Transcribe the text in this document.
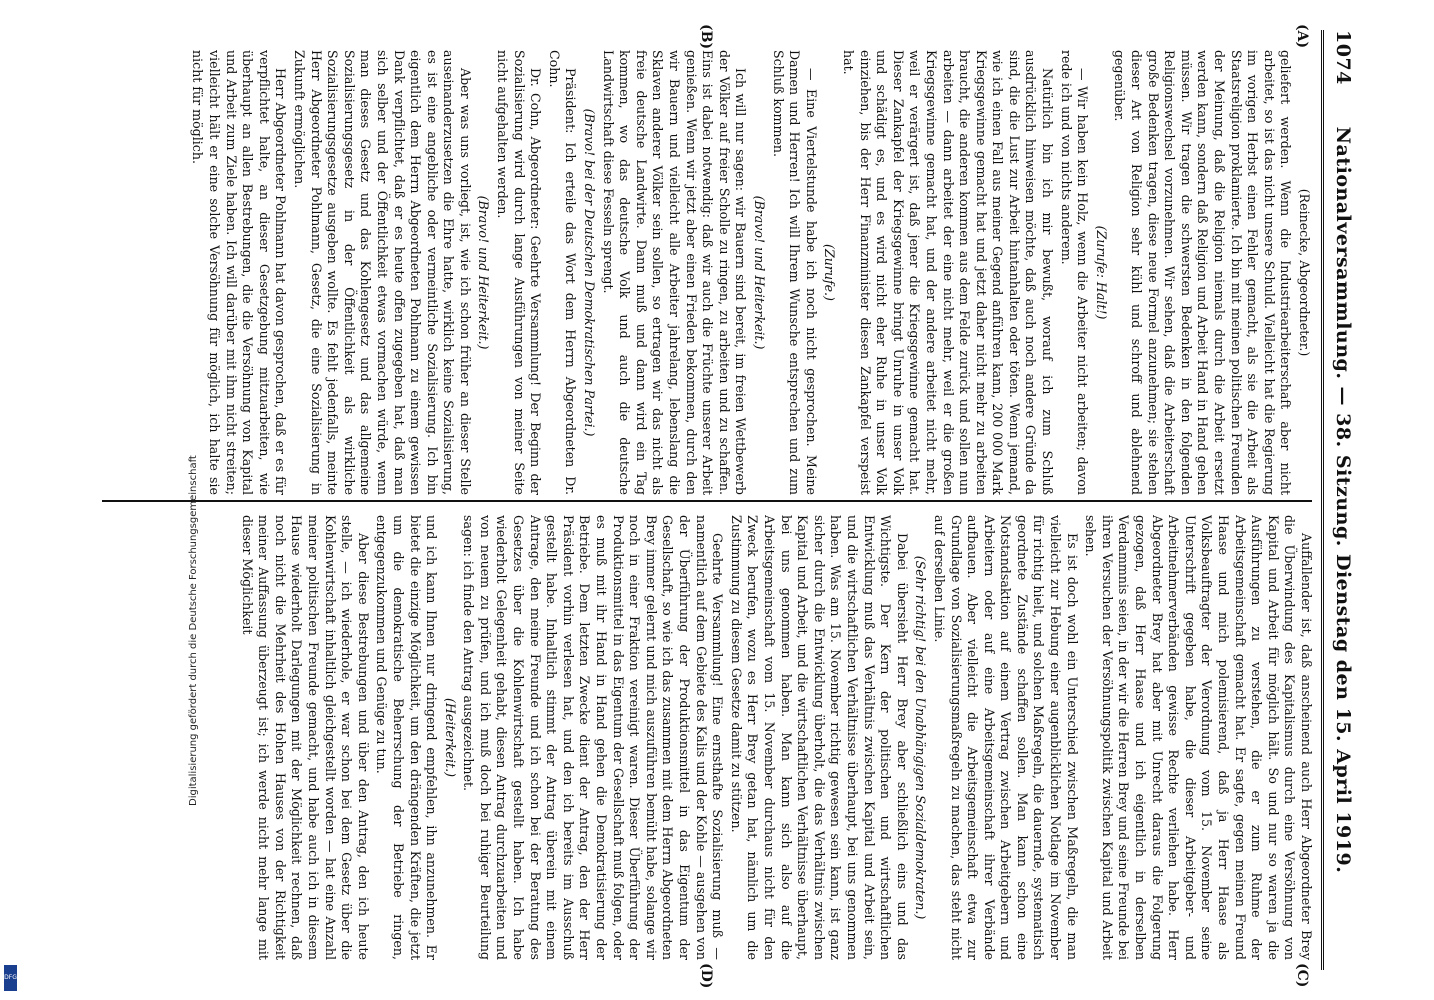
1074
Nationalversammlung. — 38. Sitzung. Dienstag den 15. April 1919.
(A)
(B)
(C)
(D)

(Reinecke, Abgeordneter.)

geliefert werden. Wenn die Industriearbeiterschaft aber nicht arbeitet, so ist das nicht unsere Schuld. Vielleicht hat die Regierung im vorigen Herbst einen Fehler gemacht, als sie die Arbeit als Staatsreligion proklamierte. Ich bin mit meinen politischen Freunden der Meinung, daß die Religion niemals durch die Arbeit ersetzt werden kann, sondern daß Religion und Arbeit Hand in Hand gehen müssen. Wir tragen die schwersten Bedenken in den folgenden Religionswechsel vorzunehmen. Wir sehen, daß die Arbeiterschaft große Bedenken tragen, diese neue Formel anzunehmen; sie stehen dieser Art von Religion sehr kühl und schroff und ablehnend gegenüber.

(Zurufe: Halt!)

— Wir haben kein Holz, wenn die Arbeiter nicht arbeiten; davon rede ich und von nichts anderem.

Natürlich bin ich mir bewußt, worauf ich zum Schluß ausdrücklich hinweisen möchte, daß auch noch andere Gründe da sind, die die Lust zur Arbeit hintanhalten oder töten. Wenn jemand, wie ich einen Fall aus meiner Gegend anführen kann, 200 000 Mark Kriegsgewinne gemacht hat und jetzt daher nicht mehr zu arbeiten braucht, die anderen kommen aus dem Felde zurück und sollen nun arbeiten — dann arbeitet der eine nicht mehr, weil er die großen Kriegsgewinne gemacht hat, und der andere arbeitet nicht mehr, weil er verärgert ist, daß jener die Kriegsgewinne gemacht hat. Dieser Zankapfel der Kriegsgewinne bringt Unruhe in unser Volk und schädigt es, und es wird nicht eher Ruhe in unser Volk einziehen, bis der Herr Finanzminister diesen Zankapfel verspeist hat.

(Zurufe.)

— Eine Viertelstunde habe ich noch nicht gesprochen. Meine Damen und Herren! Ich will Ihrem Wunsche entsprechen und zum Schluß kommen.

(Bravo! und Heiterkeit.)

Ich will nur sagen: wir Bauern sind bereit, im freien Wettbewerb der Völker auf freier Scholle zu ringen, zu arbeiten und zu schaffen. Eins ist dabei notwendig: daß wir auch die Früchte unserer Arbeit genießen. Wenn wir jetzt aber einen Frieden bekommen, durch den wir Bauern und vielleicht alle Arbeiter jahrelang, lebenslang die Sklaven anderer Völker sein sollen, so ertragen wir das nicht als freie deutsche Landwirte. Dann muß und dann wird ein Tag kommen, wo das deutsche Volk und auch die deutsche Landwirtschaft diese Fesseln sprengt.

(Bravo! bei der Deutschen Demokratischen Partei.)

Präsident: Ich erteile das Wort dem Herrn Abgeordneten Dr. Cohn.

Dr. Cohn, Abgeordneter: Geehrte Versammlung! Der Beginn der Sozialisierung wird durch lange Ausführungen von meiner Seite nicht aufgehalten werden.

(Bravo! und Heiterkeit.)

Aber was uns vorliegt, ist, wie ich schon früher an dieser Stelle auseinanderzusetzen die Ehre hatte, wirklich keine Sozialisierung, es ist eine angebliche oder vermeintliche Sozialisierung. Ich bin eigentlich dem Herrn Abgeordneten Pohlmann zu einem gewissen Dank verpflichtet, daß er es heute offen zugegeben hat, daß man sich selber und der Öffentlichkeit etwas vormachen würde, wenn man dieses Gesetz und das Kohlengesetz und das allgemeine Sozialisierungsgesetz in der Öffentlichkeit als wirkliche Sozialisierungsgesetze ausgeben wollte. Es fehlt jedenfalls, meinte Herr Abgeordneter Pohlmann, Gesetz, die eine Sozialisierung in Zukunft ermöglichen.

Herr Abgeordneter Pohlmann hat davon gesprochen, daß er es für verpflichtet halte, an dieser Gesetzgebung mitzuarbeiten, wie überhaupt an allen Bestrebungen, die die Versöhnung von Kapital und Arbeit zum Ziele haben. Ich will darüber mit ihm nicht streiten; vielleicht hält er eine solche Versöhnung für möglich, ich halte sie nicht für möglich.

Auffallender ist, daß anscheinend auch Herr Abgeordneter Brey die Überwindung des Kapitalismus durch eine Versöhnung von Kapital und Arbeit für möglich hält. So und nur so waren ja die Ausführungen zu verstehen, die er zum Ruhme der Arbeitsgemeinschaft gemacht hat. Er sagte, gegen meinen Freund Haase und mich polemisierend, daß ja Herr Haase als Volksbeauftragter der Verordnung vom 15. November seine Unterschrift gegeben habe, die dieser Arbeitgeber- und Arbeitnehmerverbänden gewisse Rechte verliehen habe. Herr Abgeordneter Brey hat aber mit Unrecht daraus die Folgerung gezogen, daß Herr Haase und ich eigentlich in derselben Verdammnis seien, in der wir die Herren Brey und seine Freunde bei ihren Versuchen der Versöhnungspolitik zwischen Kapital und Arbeit sehen.

Es ist doch wohl ein Unterschied zwischen Maßregeln, die man vielleicht zur Hebung einer augenblicklichen Notlage im November für richtig hielt, und solchen Maßregeln, die dauernde, systematisch geordnete Zustände schaffen sollen. Man kann schon eine Notstandsaktion auf einem Vertrag zwischen Arbeitgebern und Arbeitern oder auf eine Arbeitsgemeinschaft ihrer Verbände aufbauen. Aber vielleicht die Arbeitsgemeinschaft etwa zur Grundlage von Sozialisierungsmaßregeln zu machen, das steht nicht auf derselben Linie.

(Sehr richtig! bei den Unabhängigen Sozialdemokraten.)

Dabei übersieht Herr Brey aber schließlich eins und das Wichtigste. Der Kern der politischen und wirtschaftlichen Entwicklung muß das Verhältnis zwischen Kapital und Arbeit sein, und die wirtschaftlichen Verhältnisse überhaupt, bei uns genommen haben. Was am 15. November richtig gewesen sein kann, ist ganz sicher durch die Entwicklung überholt, die das Verhältnis zwischen Kapital und Arbeit, und die wirtschaftlichen Verhältnisse überhaupt, bei uns genommen haben. Man kann sich also auf die Arbeitsgemeinschaft vom 15. November durchaus nicht für den Zweck berufen, wozu es Herr Brey getan hat, nämlich um die Zustimmung zu diesem Gesetze damit zu stützen.

Geehrte Versammlung! Eine ernsthafte Sozialisierung muß — namentlich auf dem Gebiete des Kalis und der Kohle — ausgehen von der Überführung der Produktionsmittel in das Eigentum der Gesellschaft, so wie ich das zusammen mit dem Herrn Abgeordneten Brey immer gelernt und mich auszuführen bemüht habe, solange wir noch in einer Fraktion vereinigt waren. Dieser Überführung der Produktionsmittel in das Eigentum der Gesellschaft muß folgen, oder es muß mit ihr Hand in Hand gehen die Demokratisierung der Betriebe. Dem letzten Zwecke dient der Antrag, den der Herr Präsident vorhin verlesen hat, und den ich bereits im Ausschuß gestellt habe. Inhaltlich stimmt der Antrag überein mit einem Antrage, den meine Freunde und ich schon bei der Beratung des Gesetzes über die Kohlenwirtschaft gestellt haben. Ich habe wiederholt Gelegenheit gehabt, diesen Antrag durchzuarbeiten und von neuem zu prüfen, und ich muß doch bei ruhiger Beurteilung sagen: ich finde den Antrag ausgezeichnet.

(Heiterkeit.)

und ich kann Ihnen nur dringend empfehlen, ihn anzunehmen. Er bietet die einzige Möglichkeit, um den drängenden Kräften, die jetzt um die demokratische Beherrschung der Betriebe ringen, entgegenzukommen und Genüge zu tun.

Aber diese Bestrebungen und über den Antrag, den ich heute stelle, — ich wiederhole, er war schon bei dem Gesetz über die Kohlenwirtschaft inhaltlich gleichgestellt worden — hat eine Anzahl meiner politischen Freunde gemacht, und habe auch ich in diesem Hause wiederholt Darlegungen mit der Möglichkeit rechnen, daß noch nicht die Mehrheit des Hohen Hauses von der Richtigkeit meiner Auffassung überzeugt ist; ich werde nicht mehr lange mit dieser Möglichkeit

Digitalisierung gefördert durch die Deutsche Forschungsgemeinschaft
DFG
